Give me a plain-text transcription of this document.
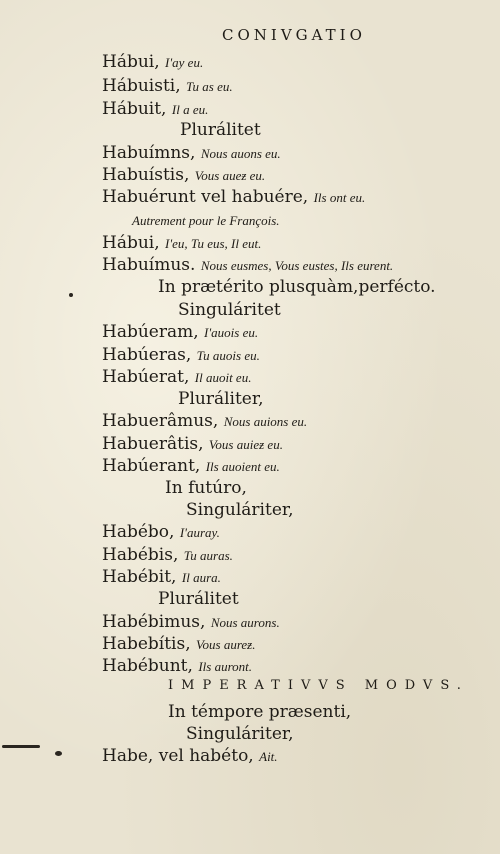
CONIVGATIO
Hábui, I'ay eu.
Hábuisti, Tu as eu.
Hábuit, Il a eu.
Plurálitet
Habuímns, Nous auons eu.
Habuístis, Vous aueƶ eu.
Habuérunt vel habuére, Ils ont eu.
Autrement pour le François.
Hábui, I'eu, Tu eus, Il eut.
Habuímus. Nous eusmes, Vous eustes, Ils eurent.
In prætérito plusquàm,perfécto.
Singuláritet
Habúeram, I'auois eu.
Habúeras, Tu auois eu.
Habúerat, Il auoit eu.
Pluráliter,
Habuerâmus, Nous auions eu.
Habuerâtis, Vous auieƶ eu.
Habúerant, Ils auoient eu.
In futúro,
Singuláriter,
Habébo, I'auray.
Habébis, Tu auras.
Habébit, Il aura.
Plurálitet
Habébimus, Nous aurons.
Habebítis, Vous aureƶ.
Habébunt, Ils auront.
IMPERATIVVS MODVS.
In témpore præsenti,
Singuláriter,
Habe, vel habéto, Ait.
